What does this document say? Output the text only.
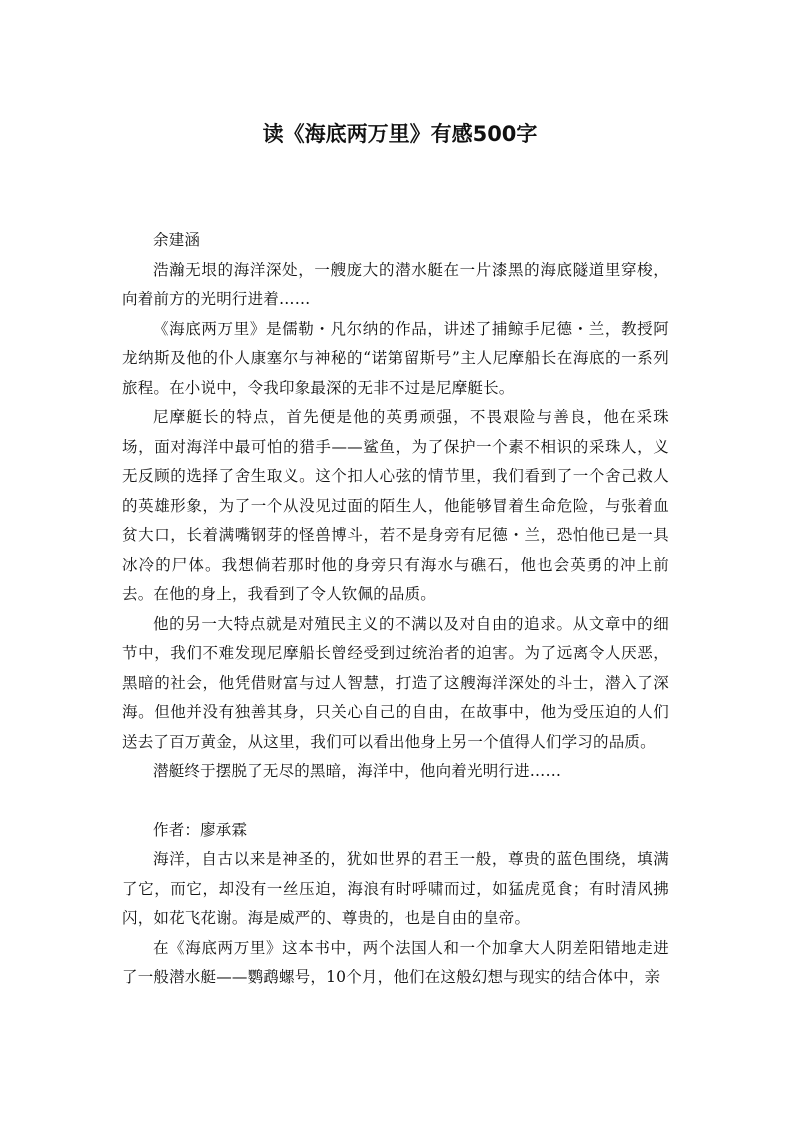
读《海底两万里》有感500字
余建涵

浩瀚无垠的海洋深处，一艘庞大的潜水艇在一片漆黑的海底隧道里穿梭，向着前方的光明行进着……

《海底两万里》是儒勒・凡尔纳的作品，讲述了捕鲸手尼德・兰，教授阿龙纳斯及他的仆人康塞尔与神秘的“诺第留斯号”主人尼摩船长在海底的一系列旅程。在小说中，令我印象最深的无非不过是尼摩艇长。

尼摩艇长的特点，首先便是他的英勇顽强，不畏艰险与善良，他在采珠场，面对海洋中最可怕的猎手——鲨鱼，为了保护一个素不相识的采珠人，义无反顾的选择了舍生取义。这个扣人心弦的情节里，我们看到了一个舍己救人的英雄形象，为了一个从没见过面的陌生人，他能够冒着生命危险，与张着血贫大口，长着满嘴钢芽的怪兽博斗，若不是身旁有尼德・兰，恐怕他已是一具冰冷的尸体。我想倘若那时他的身旁只有海水与礁石，他也会英勇的冲上前去。在他的身上，我看到了令人钦佩的品质。

他的另一大特点就是对殖民主义的不满以及对自由的追求。从文章中的细节中，我们不难发现尼摩船长曾经受到过统治者的迫害。为了远离令人厌恶，黑暗的社会，他凭借财富与过人智慧，打造了这艘海洋深处的斗士，潜入了深海。但他并没有独善其身，只关心自己的自由，在故事中，他为受压迫的人们送去了百万黄金，从这里，我们可以看出他身上另一个值得人们学习的品质。

潜艇终于摆脱了无尽的黑暗，海洋中，他向着光明行进……

作者：廖承霖

海洋，自古以来是神圣的，犹如世界的君王一般，尊贵的蓝色围绕，填满了它，而它，却没有一丝压迫，海浪有时呼啸而过，如猛虎觅食；有时清风拂闪，如花飞花谢。海是威严的、尊贵的，也是自由的皇帝。

在《海底两万里》这本书中，两个法国人和一个加拿大人阴差阳错地走进了一般潜水艇——鹦鹉螺号，10个月，他们在这般幻想与现实的结合体中，亲
